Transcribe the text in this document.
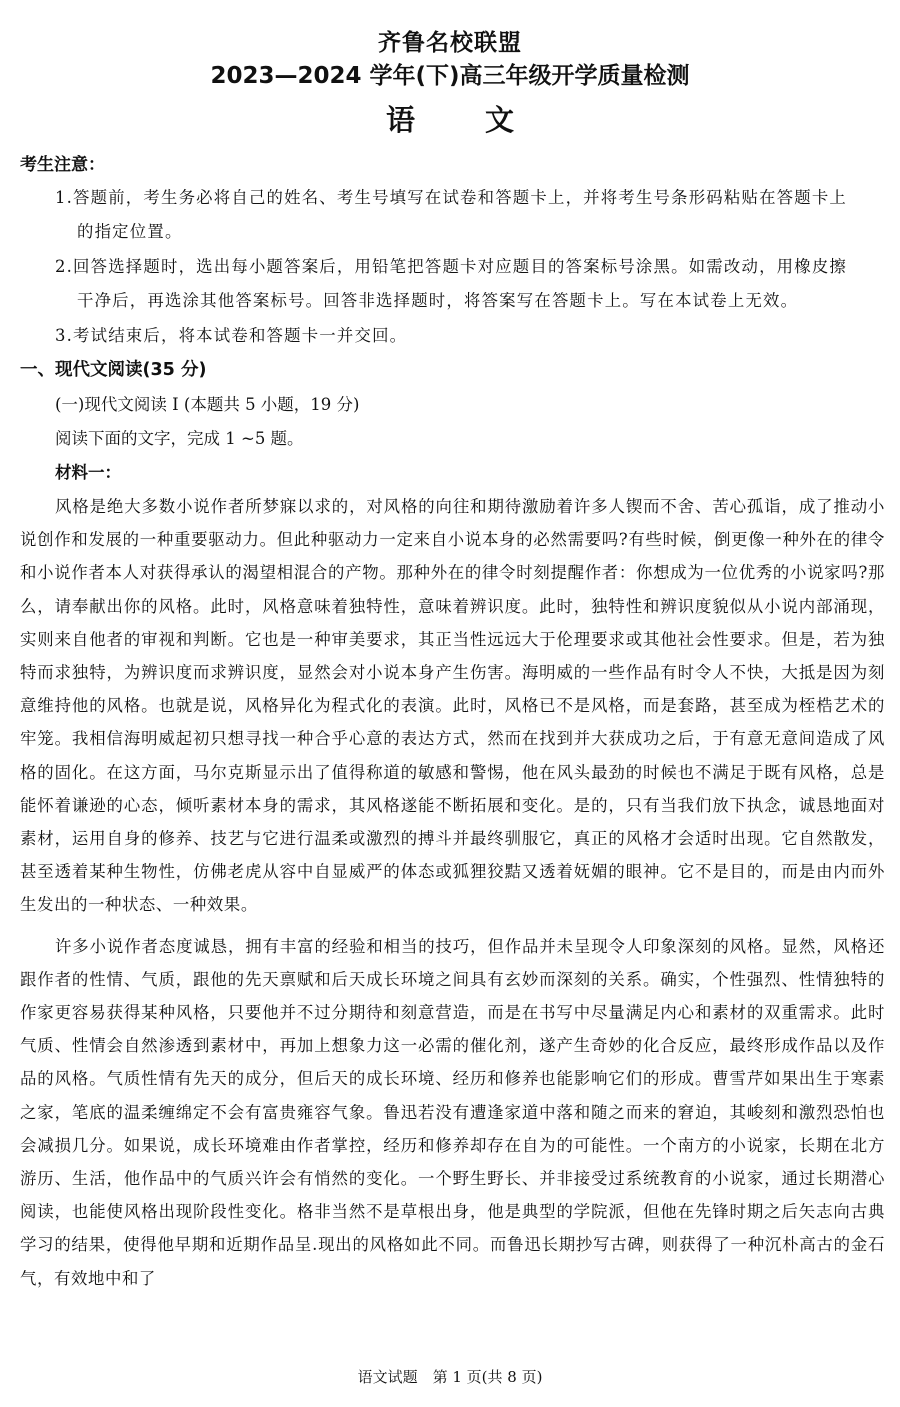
齐鲁名校联盟
2023—2024 学年(下)高三年级开学质量检测
语 文
考生注意：
1.答题前，考生务必将自己的姓名、考生号填写在试卷和答题卡上，并将考生号条形码粘贴在答题卡上
的指定位置。
2.回答选择题时，选出每小题答案后，用铅笔把答题卡对应题目的答案标号涂黑。如需改动，用橡皮擦
干净后，再选涂其他答案标号。回答非选择题时，将答案写在答题卡上。写在本试卷上无效。
3.考试结束后，将本试卷和答题卡一并交回。
一、现代文阅读(35 分)
(一)现代文阅读 I (本题共 5 小题，19 分)
阅读下面的文字，完成 1 ~5 题。
材料一：

风格是绝大多数小说作者所梦寐以求的，对风格的向往和期待激励着许多人锲而不舍、苦心孤诣，成了推动小说创作和发展的一种重要驱动力。但此种驱动力一定来自小说本身的必然需要吗?有些时候，倒更像一种外在的律令和小说作者本人对获得承认的渴望相混合的产物。那种外在的律令时刻提醒作者：你想成为一位优秀的小说家吗?那么，请奉献出你的风格。此时，风格意味着独特性，意味着辨识度。此时，独特性和辨识度貌似从小说内部涌现，实则来自他者的审视和判断。它也是一种审美要求，其正当性远远大于伦理要求或其他社会性要求。但是，若为独特而求独特，为辨识度而求辨识度，显然会对小说本身产生伤害。海明威的一些作品有时令人不快，大抵是因为刻意维持他的风格。也就是说，风格异化为程式化的表演。此时，风格已不是风格，而是套路，甚至成为桎梏艺术的牢笼。我相信海明威起初只想寻找一种合乎心意的表达方式，然而在找到并大获成功之后，于有意无意间造成了风格的固化。在这方面，马尔克斯显示出了值得称道的敏感和警惕，他在风头最劲的时候也不满足于既有风格，总是能怀着谦逊的心态，倾听素材本身的需求，其风格遂能不断拓展和变化。是的，只有当我们放下执念，诚恳地面对素材，运用自身的修养、技艺与它进行温柔或激烈的搏斗并最终驯服它，真正的风格才会适时出现。它自然散发，甚至透着某种生物性，仿佛老虎从容中自显威严的体态或狐狸狡黠又透着妩媚的眼神。它不是目的，而是由内而外生发出的一种状态、一种效果。

许多小说作者态度诚恳，拥有丰富的经验和相当的技巧，但作品并未呈现令人印象深刻的风格。显然，风格还跟作者的性情、气质，跟他的先天禀赋和后天成长环境之间具有玄妙而深刻的关系。确实，个性强烈、性情独特的作家更容易获得某种风格，只要他并不过分期待和刻意营造，而是在书写中尽量满足内心和素材的双重需求。此时气质、性情会自然渗透到素材中，再加上想象力这一必需的催化剂，遂产生奇妙的化合反应，最终形成作品以及作品的风格。气质性情有先天的成分，但后天的成长环境、经历和修养也能影响它们的形成。曹雪芹如果出生于寒素之家，笔底的温柔缠绵定不会有富贵雍容气象。鲁迅若没有遭逢家道中落和随之而来的窘迫，其峻刻和激烈恐怕也会减损几分。如果说，成长环境难由作者掌控，经历和修养却存在自为的可能性。一个南方的小说家，长期在北方游历、生活，他作品中的气质兴许会有悄然的变化。一个野生野长、并非接受过系统教育的小说家，通过长期潜心阅读，也能使风格出现阶段性变化。格非当然不是草根出身，他是典型的学院派，但他在先锋时期之后矢志向古典学习的结果，使得他早期和近期作品呈.现出的风格如此不同。而鲁迅长期抄写古碑，则获得了一种沉朴高古的金石气，有效地中和了

语文试题　第 1 页(共 8 页)
